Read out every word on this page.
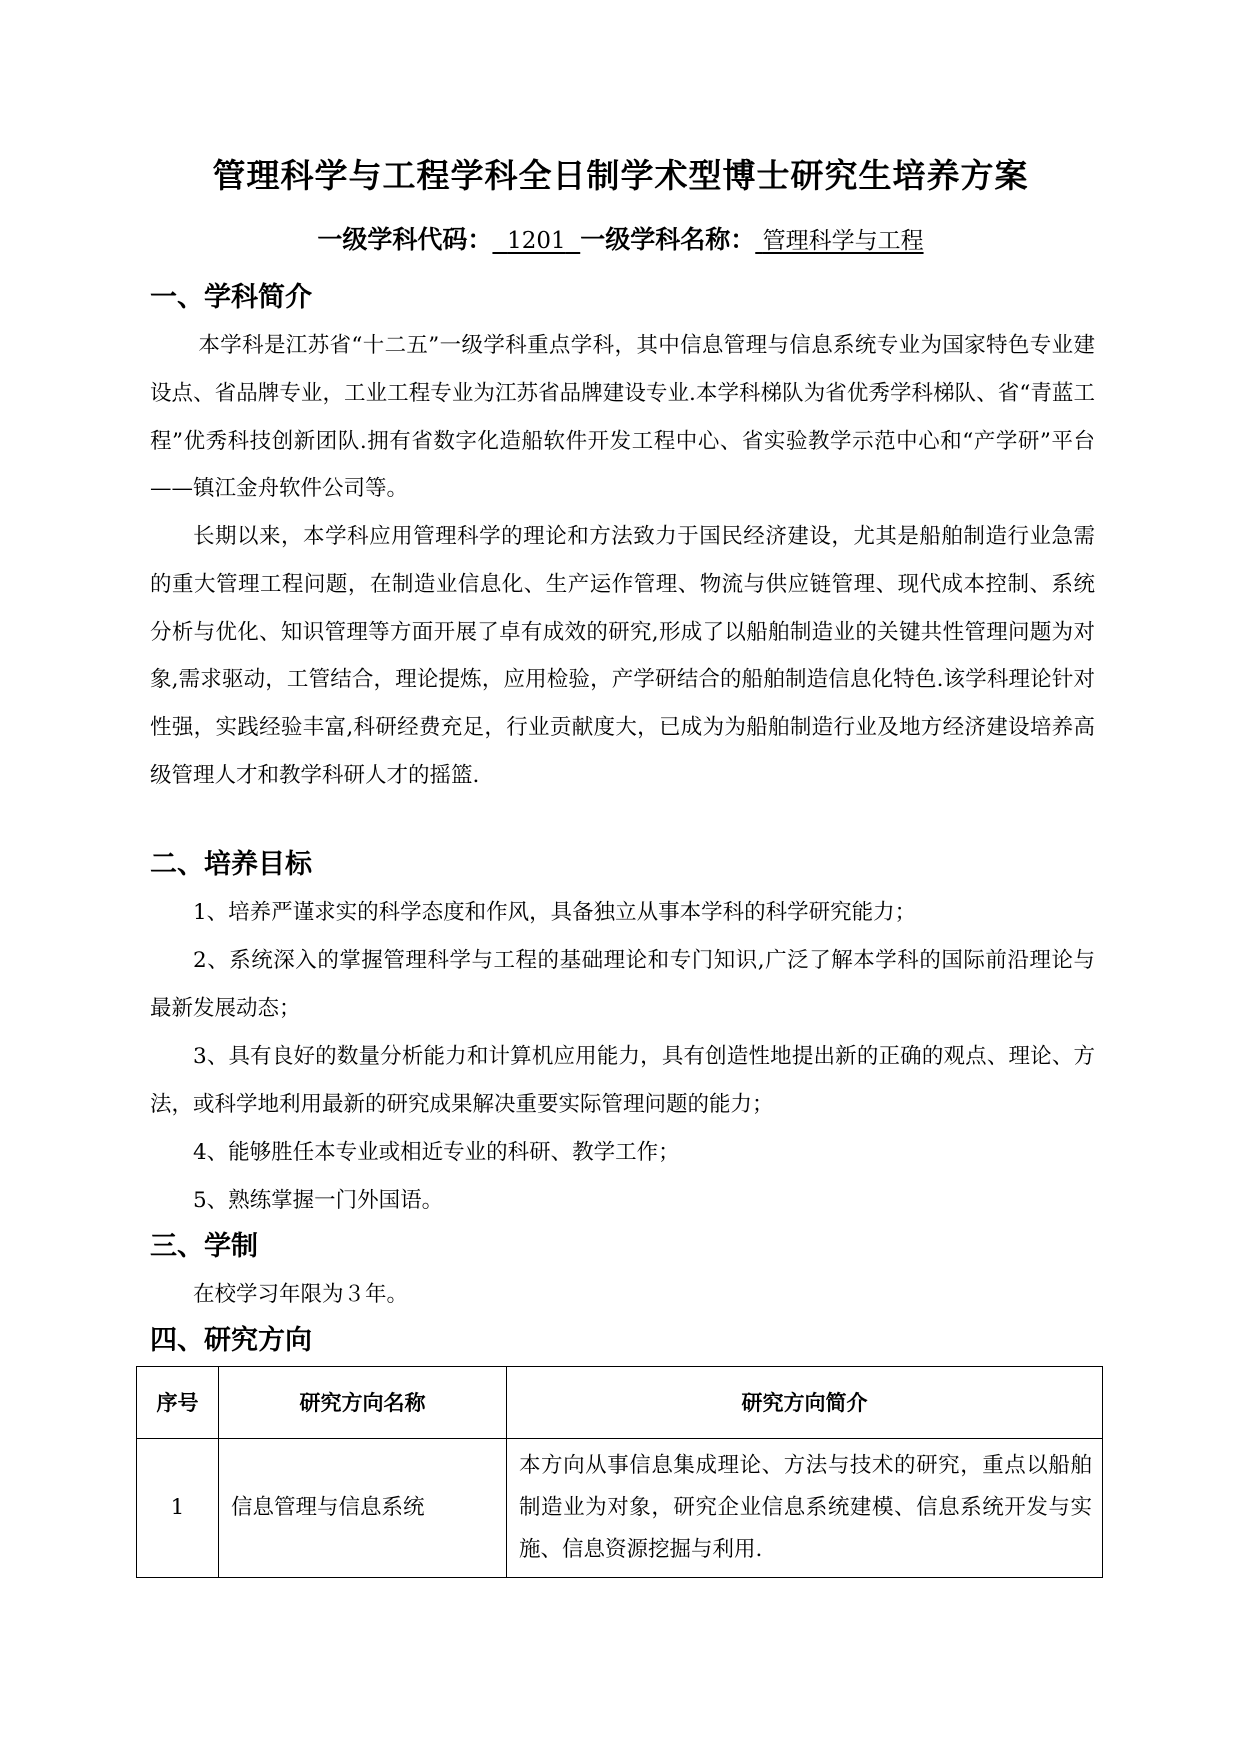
管理科学与工程学科全日制学术型博士研究生培养方案
一级学科代码： 1201 一级学科名称： 管理科学与工程
一、学科简介
本学科是江苏省“十二五”一级学科重点学科，其中信息管理与信息系统专业为国家特色专业建设点、省品牌专业，工业工程专业为江苏省品牌建设专业.本学科梯队为省优秀学科梯队、省“青蓝工程”优秀科技创新团队.拥有省数字化造船软件开发工程中心、省实验教学示范中心和“产学研”平台——镇江金舟软件公司等。
长期以来，本学科应用管理科学的理论和方法致力于国民经济建设，尤其是船舶制造行业急需的重大管理工程问题，在制造业信息化、生产运作管理、物流与供应链管理、现代成本控制、系统分析与优化、知识管理等方面开展了卓有成效的研究,形成了以船舶制造业的关键共性管理问题为对象,需求驱动，工管结合，理论提炼，应用检验，产学研结合的船舶制造信息化特色.该学科理论针对性强，实践经验丰富,科研经费充足，行业贡献度大，已成为为船舶制造行业及地方经济建设培养高级管理人才和教学科研人才的摇篮.
二、培养目标
1、培养严谨求实的科学态度和作风，具备独立从事本学科的科学研究能力；
2、系统深入的掌握管理科学与工程的基础理论和专门知识,广泛了解本学科的国际前沿理论与最新发展动态；
3、具有良好的数量分析能力和计算机应用能力，具有创造性地提出新的正确的观点、理论、方法，或科学地利用最新的研究成果解决重要实际管理问题的能力；
4、能够胜任本专业或相近专业的科研、教学工作；
5、熟练掌握一门外国语。
三、学制
在校学习年限为３年。
四、研究方向
序号	研究方向名称	研究方向简介
1	信息管理与信息系统	本方向从事信息集成理论、方法与技术的研究，重点以船舶制造业为对象，研究企业信息系统建模、信息系统开发与实施、信息资源挖掘与利用.
